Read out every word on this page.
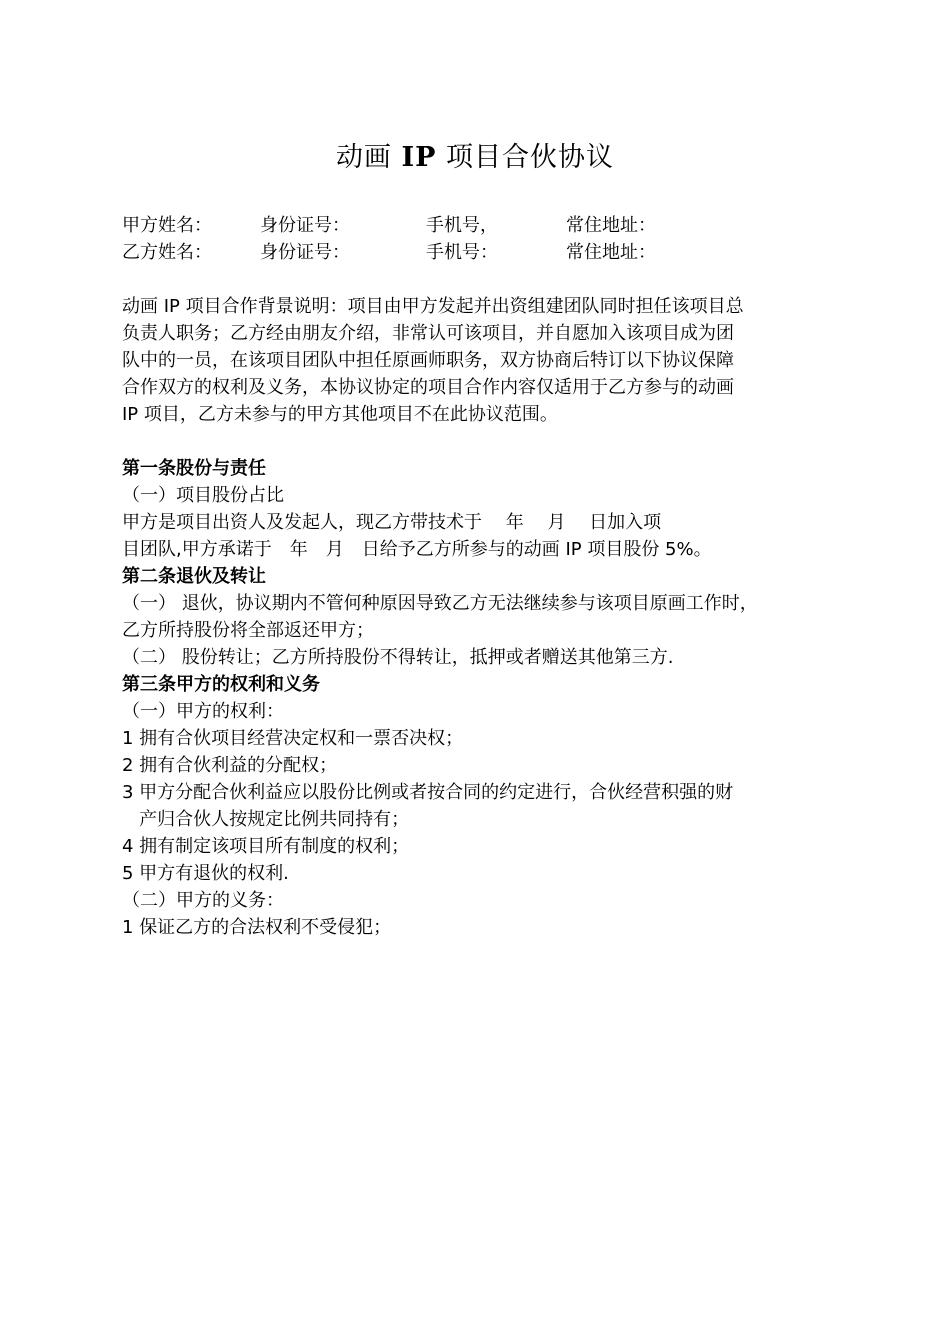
动画 IP 项目合伙协议
甲方姓名：	身份证号：	手机号，	常住地址：
乙方姓名：	身份证号：	手机号：	常住地址：
动画 IP 项目合作背景说明：项目由甲方发起并出资组建团队同时担任该项目总
负责人职务；乙方经由朋友介绍，非常认可该项目，并自愿加入该项目成为团
队中的一员，在该项目团队中担任原画师职务，双方协商后特订以下协议保障
合作双方的权利及义务，本协议协定的项目合作内容仅适用于乙方参与的动画
IP 项目，乙方未参与的甲方其他项目不在此协议范围。
第一条股份与责任
（一）项目股份占比
甲方是项目出资人及发起人，现乙方带技术于　 年　 月　 日加入项
目团队,甲方承诺于　年　月　日给予乙方所参与的动画 IP 项目股份 5%。
第二条退伙及转让
（一） 退伙，协议期内不管何种原因导致乙方无法继续参与该项目原画工作时，
乙方所持股份将全部返还甲方；
（二） 股份转让；乙方所持股份不得转让，抵押或者赠送其他第三方.
第三条甲方的权利和义务
（一）甲方的权利：
1 拥有合伙项目经营决定权和一票否决权；
2 拥有合伙利益的分配权；
3 甲方分配合伙利益应以股份比例或者按合同的约定进行，合伙经营积强的财
产归合伙人按规定比例共同持有；
4 拥有制定该项目所有制度的权利；
5 甲方有退伙的权利.
（二）甲方的义务：
1 保证乙方的合法权利不受侵犯；
